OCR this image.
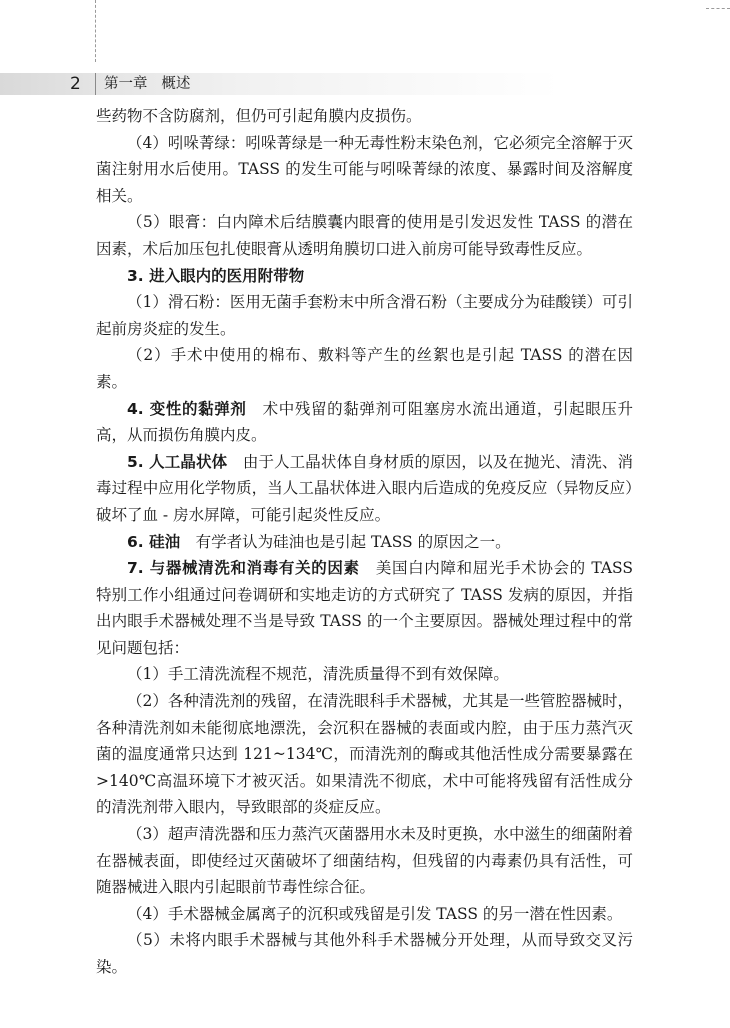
2	第一章   概述

些药物不含防腐剂，但仍可引起角膜内皮损伤。

（4）吲哚菁绿：吲哚菁绿是一种无毒性粉末染色剂，它必须完全溶解于灭菌注射用水后使用。TASS 的发生可能与吲哚菁绿的浓度、暴露时间及溶解度相关。

（5）眼膏：白内障术后结膜囊内眼膏的使用是引发迟发性 TASS 的潜在因素，术后加压包扎使眼膏从透明角膜切口进入前房可能导致毒性反应。

3. 进入眼内的医用附带物

（1）滑石粉：医用无菌手套粉末中所含滑石粉（主要成分为硅酸镁）可引起前房炎症的发生。

（2）手术中使用的棉布、敷料等产生的丝絮也是引起 TASS 的潜在因素。

4. 变性的黏弹剂　术中残留的黏弹剂可阻塞房水流出通道，引起眼压升高，从而损伤角膜内皮。

5. 人工晶状体　由于人工晶状体自身材质的原因，以及在抛光、清洗、消毒过程中应用化学物质，当人工晶状体进入眼内后造成的免疫反应（异物反应）破坏了血 - 房水屏障，可能引起炎性反应。

6. 硅油　有学者认为硅油也是引起 TASS 的原因之一。

7. 与器械清洗和消毒有关的因素　美国白内障和屈光手术协会的 TASS 特别工作小组通过问卷调研和实地走访的方式研究了 TASS 发病的原因，并指出内眼手术器械处理不当是导致 TASS 的一个主要原因。器械处理过程中的常见问题包括：

（1）手工清洗流程不规范，清洗质量得不到有效保障。

（2）各种清洗剂的残留，在清洗眼科手术器械，尤其是一些管腔器械时，各种清洗剂如未能彻底地漂洗，会沉积在器械的表面或内腔，由于压力蒸汽灭菌的温度通常只达到 121~134℃，而清洗剂的酶或其他活性成分需要暴露在 >140℃高温环境下才被灭活。如果清洗不彻底，术中可能将残留有活性成分的清洗剂带入眼内，导致眼部的炎症反应。

（3）超声清洗器和压力蒸汽灭菌器用水未及时更换，水中滋生的细菌附着在器械表面，即使经过灭菌破坏了细菌结构，但残留的内毒素仍具有活性，可随器械进入眼内引起眼前节毒性综合征。

（4）手术器械金属离子的沉积或残留是引发 TASS 的另一潜在性因素。

（5）未将内眼手术器械与其他外科手术器械分开处理，从而导致交叉污染。
